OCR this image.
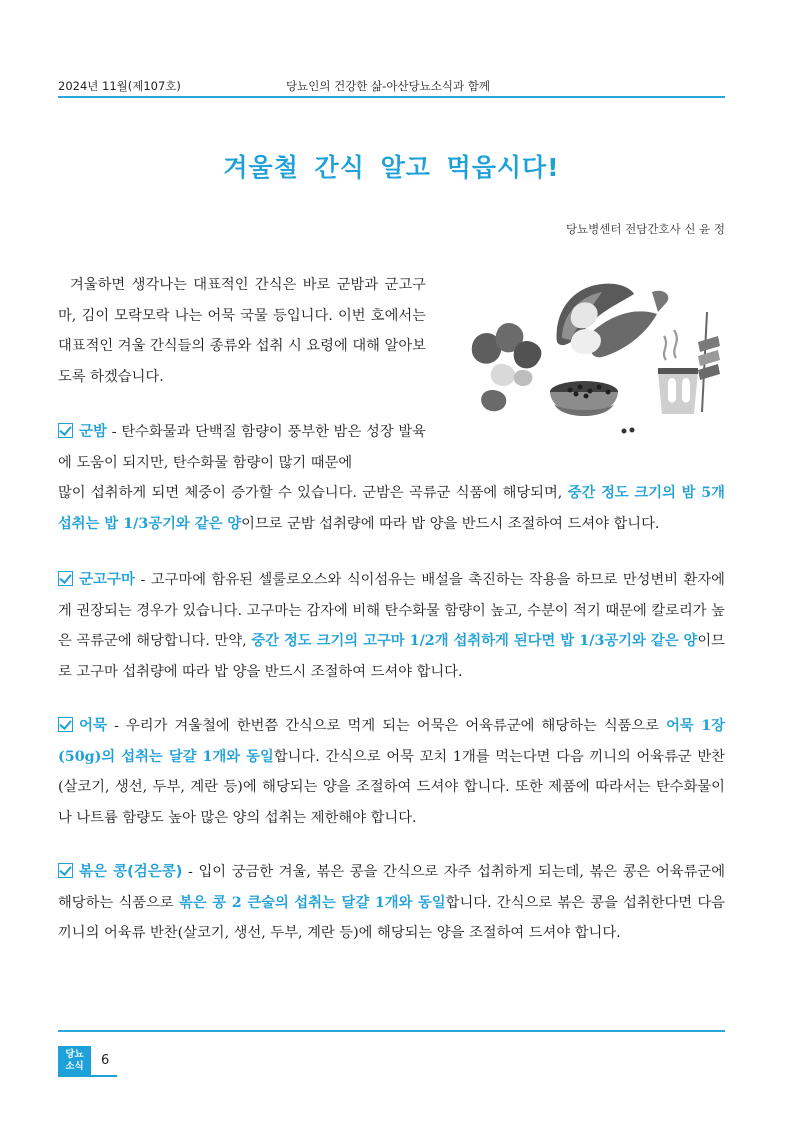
2024년 11월(제107호)	당뇨인의 건강한 삶-아산당뇨소식과 함께
겨울철 간식 알고 먹읍시다!
당뇨병센터 전담간호사 신 윤 정
겨울하면 생각나는 대표적인 간식은 바로 군밤과 군고구마, 김이 모락모락 나는 어묵 국물 등입니다. 이번 호에서는 대표적인 겨울 간식들의 종류와 섭취 시 요령에 대해 알아보도록 하겠습니다.
군밤 - 탄수화물과 단백질 함량이 풍부한 밤은 성장 발육에 도움이 되지만, 탄수화물 함량이 많기 때문에
많이 섭취하게 되면 체중이 증가할 수 있습니다. 군밤은 곡류군 식품에 해당되며, 중간 정도 크기의 밤 5개 섭취는 밥 1/3공기와 같은 양이므로 군밤 섭취량에 따라 밥 양을 반드시 조절하여 드셔야 합니다.
군고구마 - 고구마에 함유된 셀룰로오스와 식이섬유는 배설을 촉진하는 작용을 하므로 만성변비 환자에게 권장되는 경우가 있습니다. 고구마는 감자에 비해 탄수화물 함량이 높고, 수분이 적기 때문에 칼로리가 높은 곡류군에 해당합니다. 만약, 중간 정도 크기의 고구마 1/2개 섭취하게 된다면 밥 1/3공기와 같은 양이므로 고구마 섭취량에 따라 밥 양을 반드시 조절하여 드셔야 합니다.
어묵 - 우리가 겨울철에 한번쯤 간식으로 먹게 되는 어묵은 어육류군에 해당하는 식품으로 어묵 1장(50g)의 섭취는 달걀 1개와 동일합니다. 간식으로 어묵 꼬치 1개를 먹는다면 다음 끼니의 어육류군 반찬(살코기, 생선, 두부, 계란 등)에 해당되는 양을 조절하여 드셔야 합니다. 또한 제품에 따라서는 탄수화물이나 나트륨 함량도 높아 많은 양의 섭취는 제한해야 합니다.
볶은 콩(검은콩) - 입이 궁금한 겨울, 볶은 콩을 간식으로 자주 섭취하게 되는데, 볶은 콩은 어육류군에 해당하는 식품으로 볶은 콩 2 큰술의 섭취는 달걀 1개와 동일합니다. 간식으로 볶은 콩을 섭취한다면 다음 끼니의 어육류 반찬(살코기, 생선, 두부, 계란 등)에 해당되는 양을 조절하여 드셔야 합니다.
당뇨
소식	6
